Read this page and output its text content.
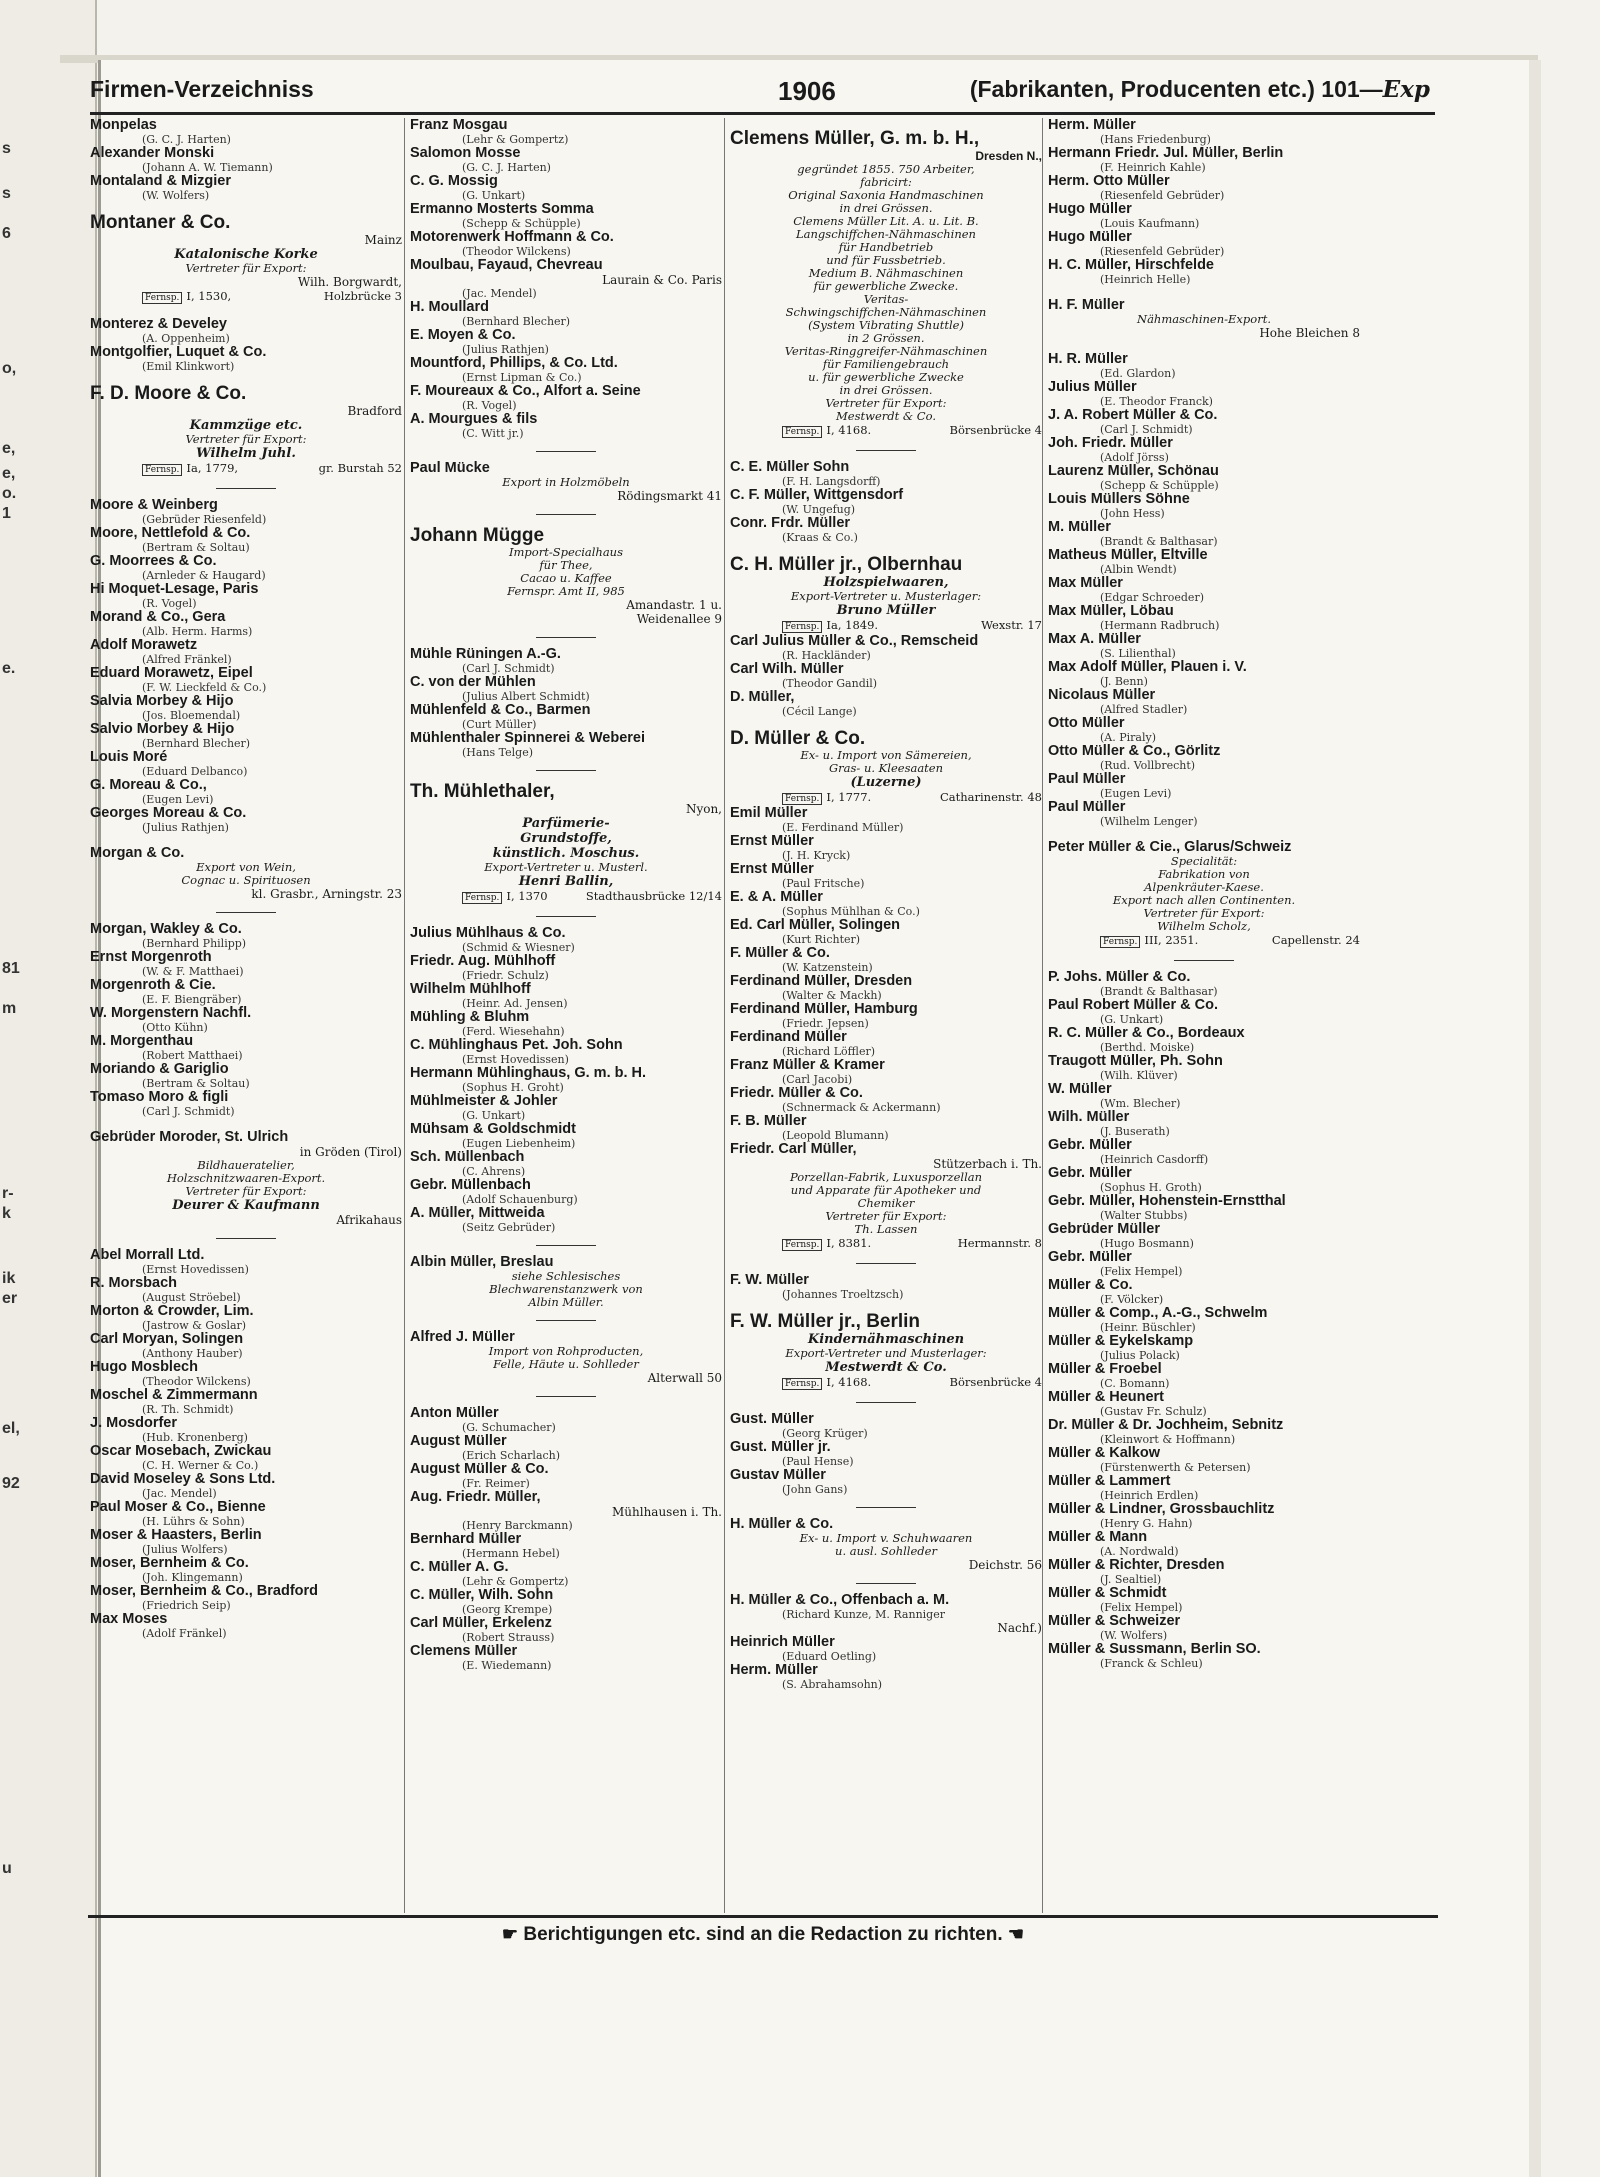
s
s
6
o,
e,
e,
o.
1
e.
81
m
r-
k
ik
er
el,
92
u
Firmen-Verzeichniss	1906	(Fabrikanten, Producenten etc.) 101—Exp
Monpelas
(G. C. J. Harten)
Alexander Monski
(Johann A. W. Tiemann)
Montaland & Mizgier
(W. Wolfers)
Montaner & Co.
Mainz
Katalonische Korke
Vertreter für Export:
Wilh. Borgwardt,
Fernsp. I, 1530,	Holzbrücke 3
Monterez & Develey
(A. Oppenheim)
Montgolfier, Luquet & Co.
(Emil Klinkwort)
F. D. Moore & Co.
Bradford
Kammzüge etc.
Vertreter für Export:
Wilhelm Juhl.
Fernsp. Ia, 1779,	gr. Burstah 52
Moore & Weinberg
(Gebrüder Riesenfeld)
Moore, Nettlefold & Co.
(Bertram & Soltau)
G. Moorrees & Co.
(Arnleder & Haugard)
Hi Moquet-Lesage, Paris
(R. Vogel)
Morand & Co., Gera
(Alb. Herm. Harms)
Adolf Morawetz
(Alfred Fränkel)
Eduard Morawetz, Eipel
(F. W. Lieckfeld & Co.)
Salvia Morbey & Hijo
(Jos. Bloemendal)
Salvio Morbey & Hijo
(Bernhard Blecher)
Louis Moré
(Eduard Delbanco)
G. Moreau & Co.,
(Eugen Levi)
Georges Moreau & Co.
(Julius Rathjen)
Morgan & Co.
Export von Wein,
Cognac u. Spirituosen
kl. Grasbr., Arningstr. 23
Morgan, Wakley & Co.
(Bernhard Philipp)
Ernst Morgenroth
(W. & F. Matthaei)
Morgenroth & Cie.
(E. F. Biengräber)
W. Morgenstern Nachfl.
(Otto Kühn)
M. Morgenthau
(Robert Matthaei)
Moriando & Gariglio
(Bertram & Soltau)
Tomaso Moro & figli
(Carl J. Schmidt)
Gebrüder Moroder, St. Ulrich
in Gröden (Tirol)
Bildhaueratelier,
Holzschnitzwaaren-Export.
Vertreter für Export:
Deurer & Kaufmann
Afrikahaus
Abel Morrall Ltd.
(Ernst Hovedissen)
R. Morsbach
(August Ströebel)
Morton & Crowder, Lim.
(Jastrow & Goslar)
Carl Moryan, Solingen
(Anthony Hauber)
Hugo Mosblech
(Theodor Wilckens)
Moschel & Zimmermann
(R. Th. Schmidt)
J. Mosdorfer
(Hub. Kronenberg)
Oscar Mosebach, Zwickau
(C. H. Werner & Co.)
David Moseley & Sons Ltd.
(Jac. Mendel)
Paul Moser & Co., Bienne
(H. Lührs & Sohn)
Moser & Haasters, Berlin
(Julius Wolfers)
Moser, Bernheim & Co.
(Joh. Klingemann)
Moser, Bernheim & Co., Bradford
(Friedrich Seip)
Max Moses
(Adolf Fränkel)
Franz Mosgau
(Lehr & Gompertz)
Salomon Mosse
(G. C. J. Harten)
C. G. Mossig
(G. Unkart)
Ermanno Mosterts Somma
(Schepp & Schüpple)
Motorenwerk Hoffmann & Co.
(Theodor Wilckens)
Moulbau, Fayaud, Chevreau
Laurain & Co. Paris
(Jac. Mendel)
H. Moullard
(Bernhard Blecher)
E. Moyen & Co.
(Julius Rathjen)
Mountford, Phillips, & Co. Ltd.
(Ernst Lipman & Co.)
F. Moureaux & Co., Alfort a. Seine
(R. Vogel)
A. Mourgues & fils
(C. Witt jr.)
Paul Mücke
Export in Holzmöbeln
Rödingsmarkt 41
Johann Mügge
Import-Specialhaus
für Thee,
Cacao u. Kaffee
Fernspr. Amt II, 985
Amandastr. 1 u.
Weidenallee 9
Mühle Rüningen A.-G.
(Carl J. Schmidt)
C. von der Mühlen
(Julius Albert Schmidt)
Mühlenfeld & Co., Barmen
(Curt Müller)
Mühlenthaler Spinnerei & Weberei
(Hans Telge)
Th. Mühlethaler,
Nyon,
Parfümerie-
Grundstoffe,
künstlich. Moschus.
Export-Vertreter u. Musterl.
Henri Ballin,
Fernsp. I, 1370	Stadthausbrücke 12/14
Julius Mühlhaus & Co.
(Schmid & Wiesner)
Friedr. Aug. Mühlhoff
(Friedr. Schulz)
Wilhelm Mühlhoff
(Heinr. Ad. Jensen)
Mühling & Bluhm
(Ferd. Wiesehahn)
C. Mühlinghaus Pet. Joh. Sohn
(Ernst Hovedissen)
Hermann Mühlinghaus, G. m. b. H.
(Sophus H. Groht)
Mühlmeister & Johler
(G. Unkart)
Mühsam & Goldschmidt
(Eugen Liebenheim)
Sch. Müllenbach
(C. Ahrens)
Gebr. Müllenbach
(Adolf Schauenburg)
A. Müller, Mittweida
(Seitz Gebrüder)
Albin Müller, Breslau
siehe Schlesisches
Blechwarenstanzwerk von
Albin Müller.
Alfred J. Müller
Import von Rohproducten,
Felle, Häute u. Sohlleder
Alterwall 50
Anton Müller
(G. Schumacher)
August Müller
(Erich Scharlach)
August Müller & Co.
(Fr. Reimer)
Aug. Friedr. Müller,
Mühlhausen i. Th.
(Henry Barckmann)
Bernhard Müller
(Hermann Hebel)
C. Müller A. G.
(Lehr & Gompertz)
C. Müller, Wilh. Sohn
(Georg Krempe)
Carl Müller, Erkelenz
(Robert Strauss)
Clemens Müller
(E. Wiedemann)
Clemens Müller, G. m. b. H.,
Dresden N.,
gegründet 1855. 750 Arbeiter,
fabricirt:
Original Saxonia Handmaschinen
in drei Grössen.
Clemens Müller Lit. A. u. Lit. B.
Langschiffchen-Nähmaschinen
für Handbetrieb
und für Fussbetrieb.
Medium B. Nähmaschinen
für gewerbliche Zwecke.
Veritas-
Schwingschiffchen-Nähmaschinen
(System Vibrating Shuttle)
in 2 Grössen.
Veritas-Ringgreifer-Nähmaschinen
für Familiengebrauch
u. für gewerbliche Zwecke
in drei Grössen.
Vertreter für Export:
Mestwerdt & Co.
Fernsp. I, 4168.	Börsenbrücke 4
C. E. Müller Sohn
(F. H. Langsdorff)
C. F. Müller, Wittgensdorf
(W. Ungefug)
Conr. Frdr. Müller
(Kraas & Co.)
C. H. Müller jr., Olbernhau
Holzspielwaaren,
Export-Vertreter u. Musterlager:
Bruno Müller
Fernsp. Ia, 1849.	Wexstr. 17
Carl Julius Müller & Co., Remscheid
(R. Hackländer)
Carl Wilh. Müller
(Theodor Gandil)
D. Müller,
(Cécil Lange)
D. Müller & Co.
Ex- u. Import von Sämereien,
Gras- u. Kleesaaten
(Luzerne)
Fernsp. I, 1777.	Catharinenstr. 48
Emil Müller
(E. Ferdinand Müller)
Ernst Müller
(J. H. Kryck)
Ernst Müller
(Paul Fritsche)
E. & A. Müller
(Sophus Mühlhan & Co.)
Ed. Carl Müller, Solingen
(Kurt Richter)
F. Müller & Co.
(W. Katzenstein)
Ferdinand Müller, Dresden
(Walter & Mackh)
Ferdinand Müller, Hamburg
(Friedr. Jepsen)
Ferdinand Müller
(Richard Löffler)
Franz Müller & Kramer
(Carl Jacobi)
Friedr. Müller & Co.
(Schnermack & Ackermann)
F. B. Müller
(Leopold Blumann)
Friedr. Carl Müller,
Stützerbach i. Th.
Porzellan-Fabrik, Luxusporzellan
und Apparate für Apotheker und
Chemiker
Vertreter für Export:
Th. Lassen
Fernsp. I, 8381.	Hermannstr. 8
F. W. Müller
(Johannes Troeltzsch)
F. W. Müller jr., Berlin
Kindernähmaschinen
Export-Vertreter und Musterlager:
Mestwerdt & Co.
Fernsp. I, 4168.	Börsenbrücke 4
Gust. Müller
(Georg Krüger)
Gust. Müller jr.
(Paul Hense)
Gustav Müller
(John Gans)
H. Müller & Co.
Ex- u. Import v. Schuhwaaren
u. ausl. Sohlleder
Deichstr. 56
H. Müller & Co., Offenbach a. M.
(Richard Kunze, M. Ranniger
Nachf.)
Heinrich Müller
(Eduard Oetling)
Herm. Müller
(S. Abrahamsohn)
Herm. Müller
(Hans Friedenburg)
Hermann Friedr. Jul. Müller, Berlin
(F. Heinrich Kahle)
Herm. Otto Müller
(Riesenfeld Gebrüder)
Hugo Müller
(Louis Kaufmann)
Hugo Müller
(Riesenfeld Gebrüder)
H. C. Müller, Hirschfelde
(Heinrich Helle)
H. F. Müller
Nähmaschinen-Export.
Hohe Bleichen 8
H. R. Müller
(Ed. Glardon)
Julius Müller
(E. Theodor Franck)
J. A. Robert Müller & Co.
(Carl J. Schmidt)
Joh. Friedr. Müller
(Adolf Jörss)
Laurenz Müller, Schönau
(Schepp & Schüpple)
Louis Müllers Söhne
(John Hess)
M. Müller
(Brandt & Balthasar)
Matheus Müller, Eltville
(Albin Wendt)
Max Müller
(Edgar Schroeder)
Max Müller, Löbau
(Hermann Radbruch)
Max A. Müller
(S. Lilienthal)
Max Adolf Müller, Plauen i. V.
(J. Benn)
Nicolaus Müller
(Alfred Stadler)
Otto Müller
(A. Piraly)
Otto Müller & Co., Görlitz
(Rud. Vollbrecht)
Paul Müller
(Eugen Levi)
Paul Müller
(Wilhelm Lenger)
Peter Müller & Cie., Glarus/Schweiz
Specialität:
Fabrikation von
Alpenkräuter-Kaese.
Export nach allen Continenten.
Vertreter für Export:
Wilhelm Scholz,
Fernsp. III, 2351.	Capellenstr. 24
P. Johs. Müller & Co.
(Brandt & Balthasar)
Paul Robert Müller & Co.
(G. Unkart)
R. C. Müller & Co., Bordeaux
(Berthd. Moiske)
Traugott Müller, Ph. Sohn
(Wilh. Klüver)
W. Müller
(Wm. Blecher)
Wilh. Müller
(J. Buserath)
Gebr. Müller
(Heinrich Casdorff)
Gebr. Müller
(Sophus H. Groth)
Gebr. Müller, Hohenstein-Ernstthal
(Walter Stubbs)
Gebrüder Müller
(Hugo Bosmann)
Gebr. Müller
(Felix Hempel)
Müller & Co.
(F. Völcker)
Müller & Comp., A.-G., Schwelm
(Heinr. Büschler)
Müller & Eykelskamp
(Julius Polack)
Müller & Froebel
(C. Bomann)
Müller & Heunert
(Gustav Fr. Schulz)
Dr. Müller & Dr. Jochheim, Sebnitz
(Kleinwort & Hoffmann)
Müller & Kalkow
(Fürstenwerth & Petersen)
Müller & Lammert
(Heinrich Erdlen)
Müller & Lindner, Grossbauchlitz
(Henry G. Hahn)
Müller & Mann
(A. Nordwald)
Müller & Richter, Dresden
(J. Sealtiel)
Müller & Schmidt
(Felix Hempel)
Müller & Schweizer
(W. Wolfers)
Müller & Sussmann, Berlin SO.
(Franck & Schleu)
☛ Berichtigungen etc. sind an die Redaction zu richten. ☚
